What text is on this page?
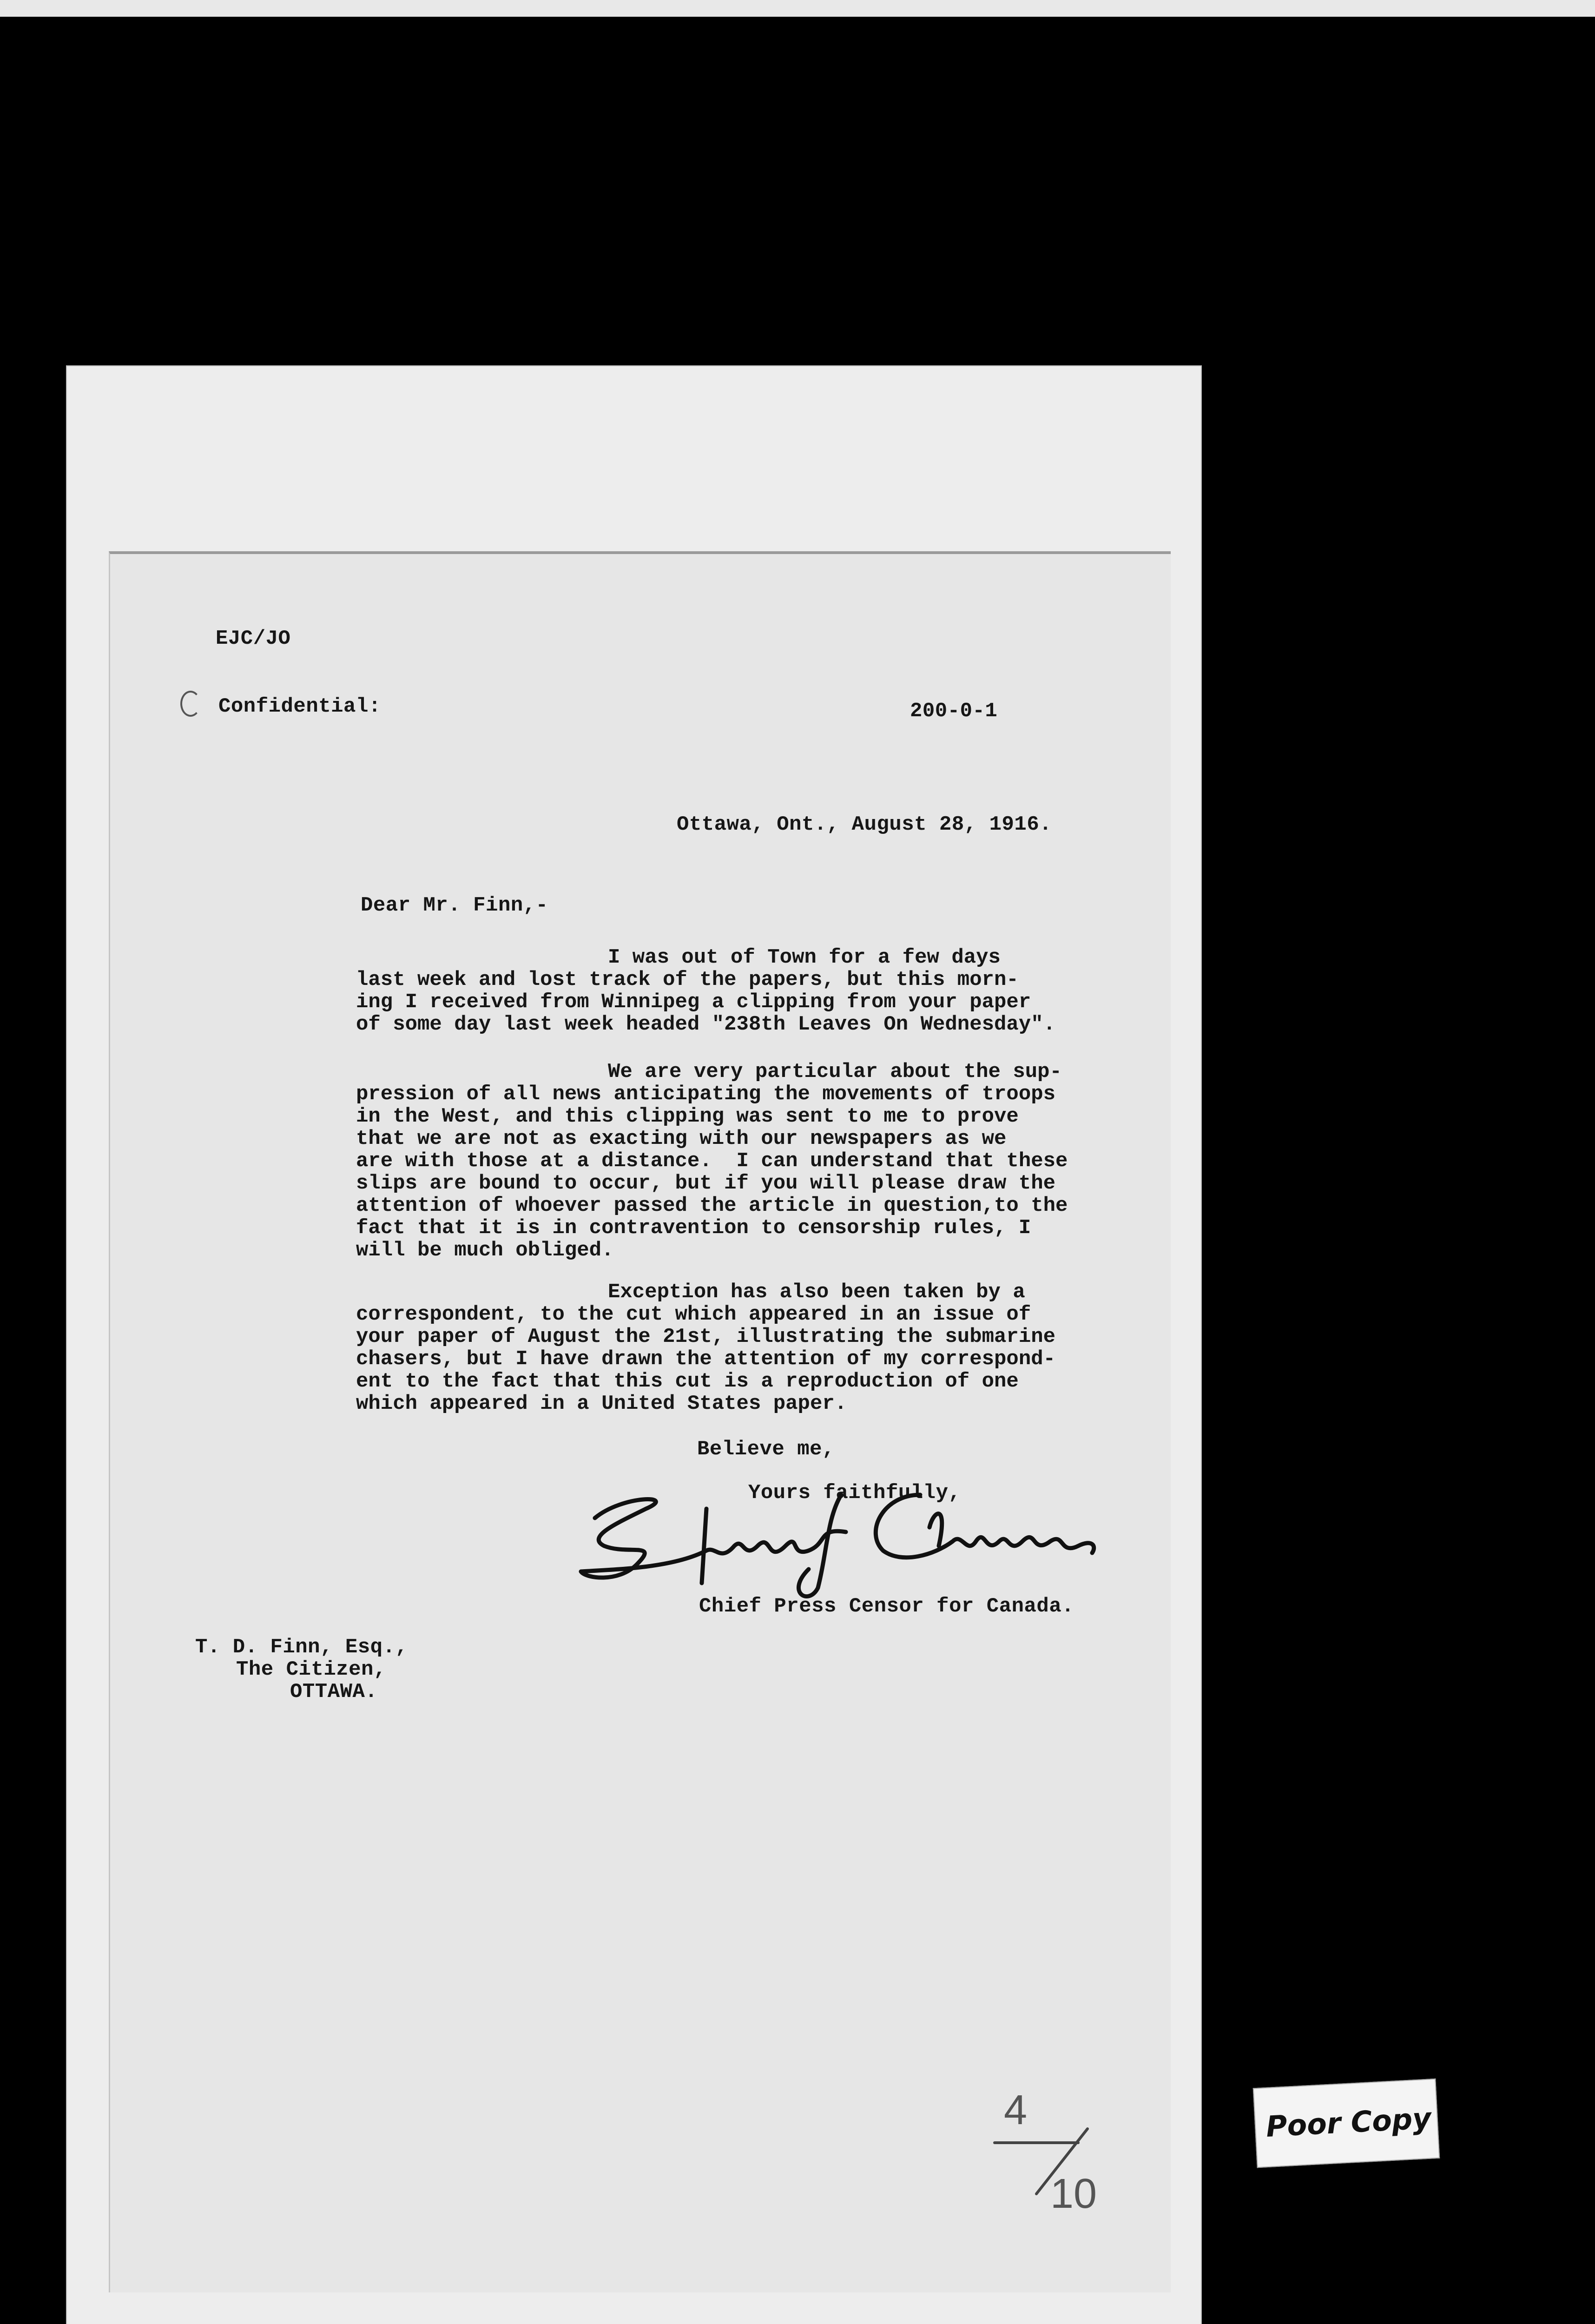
EJC/JO
Confidential:	200-0-1
Ottawa, Ont., August 28, 1916.
Dear Mr. Finn,-
I was out of Town for a few days
last week and lost track of the papers, but this morn-
ing I received from Winnipeg a clipping from your paper
of some day last week headed "238th Leaves On Wednesday".
We are very particular about the sup-
pression of all news anticipating the movements of troops
in the West, and this clipping was sent to me to prove
that we are not as exacting with our newspapers as we
are with those at a distance.  I can understand that these
slips are bound to occur, but if you will please draw the
attention of whoever passed the article in question,to the
fact that it is in contravention to censorship rules, I
will be much obliged.
Exception has also been taken by a
correspondent, to the cut which appeared in an issue of
your paper of August the 21st, illustrating the submarine
chasers, but I have drawn the attention of my correspond-
ent to the fact that this cut is a reproduction of one
which appeared in a United States paper.
Believe me,
Yours faithfully,
Chief Press Censor for Canada.
T. D. Finn, Esq.,
The Citizen,
OTTAWA.
4
10
Poor Copy
